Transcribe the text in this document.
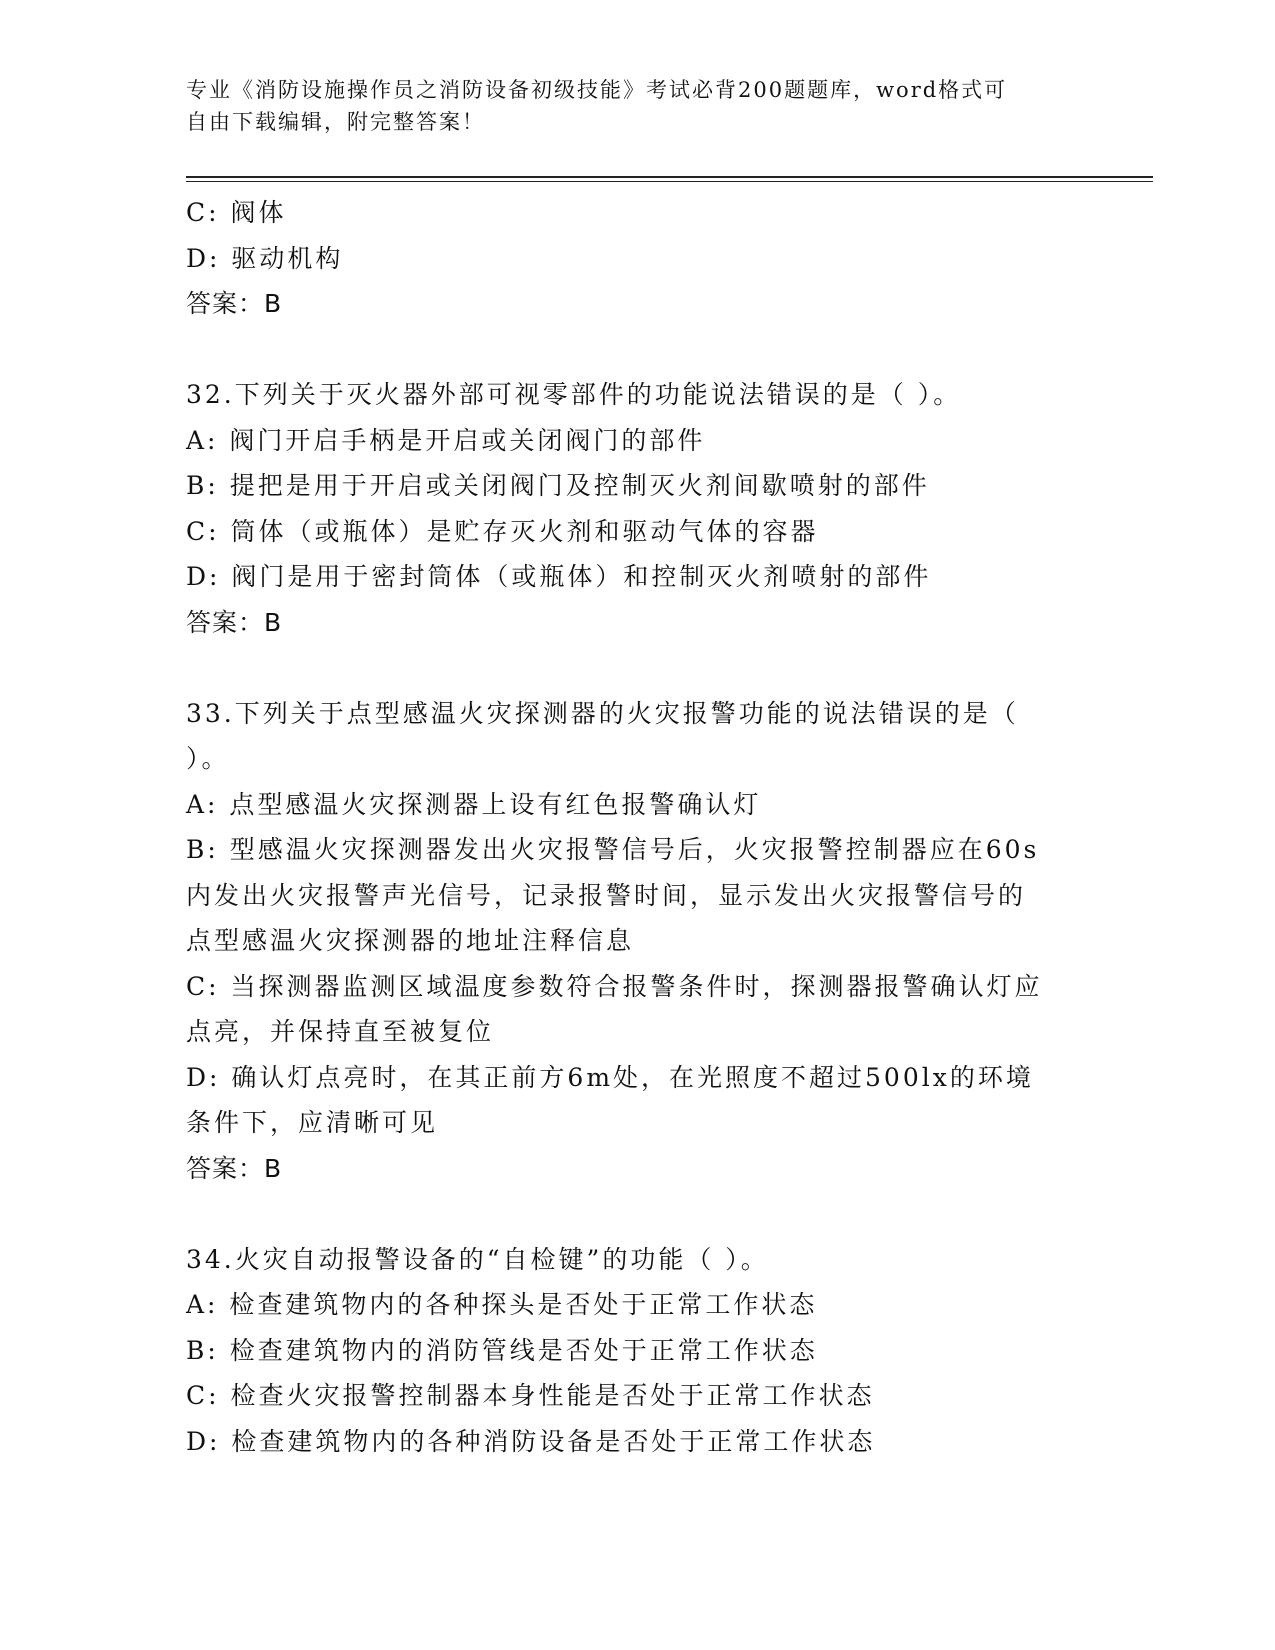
专业《消防设施操作员之消防设备初级技能》考试必背200题题库，word格式可
自由下载编辑，附完整答案！

C: 阀体

D: 驱动机构

答案：B

32.下列关于灭火器外部可视零部件的功能说法错误的是（ ）。

A: 阀门开启手柄是开启或关闭阀门的部件

B: 提把是用于开启或关闭阀门及控制灭火剂间歇喷射的部件

C: 筒体（或瓶体）是贮存灭火剂和驱动气体的容器

D: 阀门是用于密封筒体（或瓶体）和控制灭火剂喷射的部件

答案：B

33.下列关于点型感温火灾探测器的火灾报警功能的说法错误的是（

）。

A: 点型感温火灾探测器上设有红色报警确认灯

B: 型感温火灾探测器发出火灾报警信号后，火灾报警控制器应在60s

内发出火灾报警声光信号，记录报警时间，显示发出火灾报警信号的

点型感温火灾探测器的地址注释信息

C: 当探测器监测区域温度参数符合报警条件时，探测器报警确认灯应

点亮，并保持直至被复位

D: 确认灯点亮时，在其正前方6m处，在光照度不超过500lx的环境

条件下，应清晰可见

答案：B

34.火灾自动报警设备的“自检键”的功能（ ）。

A: 检查建筑物内的各种探头是否处于正常工作状态

B: 检查建筑物内的消防管线是否处于正常工作状态

C: 检查火灾报警控制器本身性能是否处于正常工作状态

D: 检查建筑物内的各种消防设备是否处于正常工作状态
